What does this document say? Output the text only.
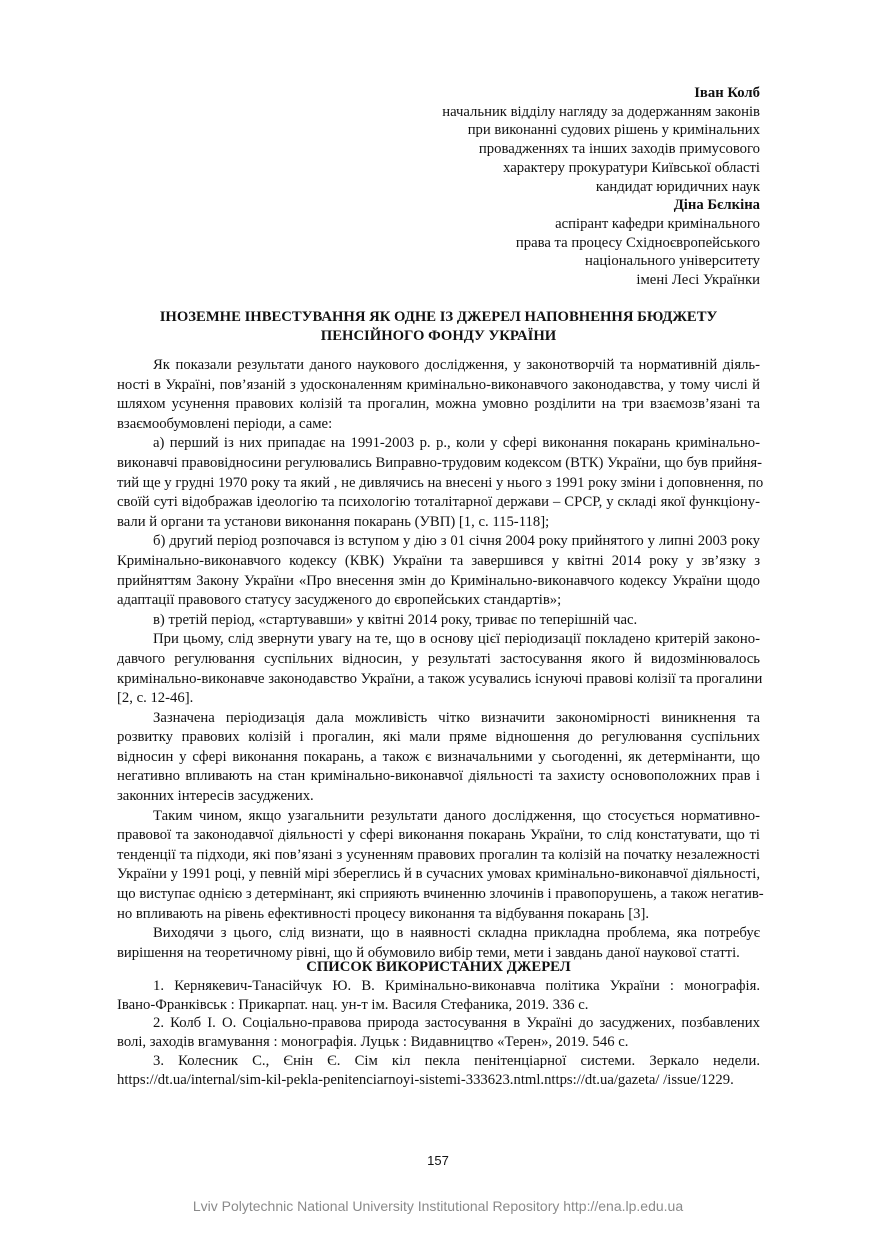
Іван Колб
начальник відділу нагляду за додержанням законів
при виконанні судових рішень у кримінальних
провадженнях та інших заходів примусового
характеру прокуратури Київської області
кандидат юридичних наук
Діна Бєлкіна
аспірант кафедри кримінального
права та процесу Східноєвропейського
національного університету
імені Лесі Українки
ІНОЗЕМНЕ ІНВЕСТУВАННЯ ЯК ОДНЕ ІЗ ДЖЕРЕЛ НАПОВНЕННЯ БЮДЖЕТУ
ПЕНСІЙНОГО ФОНДУ УКРАЇНИ
Як показали результати даного наукового дослідження, у законотворчій та нормативній діяль-
ності в Україні, пов’язаній з удосконаленням кримінально-виконавчого законодавства, у тому числі й
шляхом усунення правових колізій та прогалин, можна умовно розділити на три взаємозв’язані та
взаємообумовлені періоди, а саме:
а) перший із них припадає на 1991-2003 р. р., коли у сфері виконання покарань кримінально-
виконавчі правовідносини регулювались Виправно-трудовим кодексом (ВТК) України, що був прийня-
тий ще у грудні 1970 року та який , не дивлячись на внесені у нього з 1991 року зміни і доповнення, по
своїй суті відображав ідеологію та психологію тоталітарної держави – СРСР, у складі якої функціону-
вали й органи та установи виконання покарань (УВП) [1, с. 115-118];
б) другий період розпочався із вступом у дію з 01 січня 2004 року прийнятого у липні 2003 року
Кримінально-виконавчого кодексу (КВК) України та завершився у квітні 2014 року у зв’язку з
прийняттям Закону України «Про внесення змін до Кримінально-виконавчого кодексу України щодо
адаптації правового статусу засудженого до європейських стандартів»;
в) третій період, «стартувавши» у квітні 2014 року, триває по теперішній час.
При цьому, слід звернути увагу на те, що в основу цієї періодизації покладено критерій законо-
давчого регулювання суспільних відносин, у результаті застосування якого й видозмінювалось
кримінально-виконавче законодавство України, а також усувались існуючі правові колізії та прогалини
[2, с. 12-46].
Зазначена періодизація дала можливість чітко визначити закономірності виникнення та
розвитку правових колізій і прогалин, які мали пряме відношення до регулювання суспільних
відносин у сфері виконання покарань, а також є визначальними у сьогоденні, як детермінанти, що
негативно впливають на стан кримінально-виконавчої діяльності та захисту основоположних прав і
законних інтересів засуджених.
Таким чином, якщо узагальнити результати даного дослідження, що стосується нормативно-
правової та законодавчої діяльності у сфері виконання покарань України, то слід констатувати, що ті
тенденції та підходи, які пов’язані з усуненням правових прогалин та колізій на початку незалежності
України у 1991 році, у певній мірі збереглись й в сучасних умовах кримінально-виконавчої діяльності,
що виступає однією з детермінант, які сприяють вчиненню злочинів і правопорушень, а також негатив-
но впливають на рівень ефективності процесу виконання та відбування покарань [3].
Виходячи з цього, слід визнати, що в наявності складна прикладна проблема, яка потребує
вирішення на теоретичному рівні, що й обумовило вибір теми, мети і завдань даної наукової статті.
СПИСОК ВИКОРИСТАНИХ ДЖЕРЕЛ
1. Кернякевич-Танасійчук Ю. В. Кримінально-виконавча політика України : монографія.
Івано-Франківськ : Прикарпат. нац. ун-т ім. Василя Стефаника, 2019. 336 с.
2. Колб І. О. Соціально-правова природа застосування в Україні до засуджених, позбавлених
волі, заходів вгамування : монографія. Луцьк : Видавництво «Терен», 2019. 546 с.
3. Колесник С., Єнін Є. Сім кіл пекла пенітенціарної системи. Зеркало недели.
https://dt.ua/internal/sim-kil-pekla-penitenciarnoyi-sistemi-333623.ntml.nttps://dt.ua/gazeta/ /issue/1229.
157
Lviv Polytechnic National University Institutional Repository http://ena.lp.edu.ua
